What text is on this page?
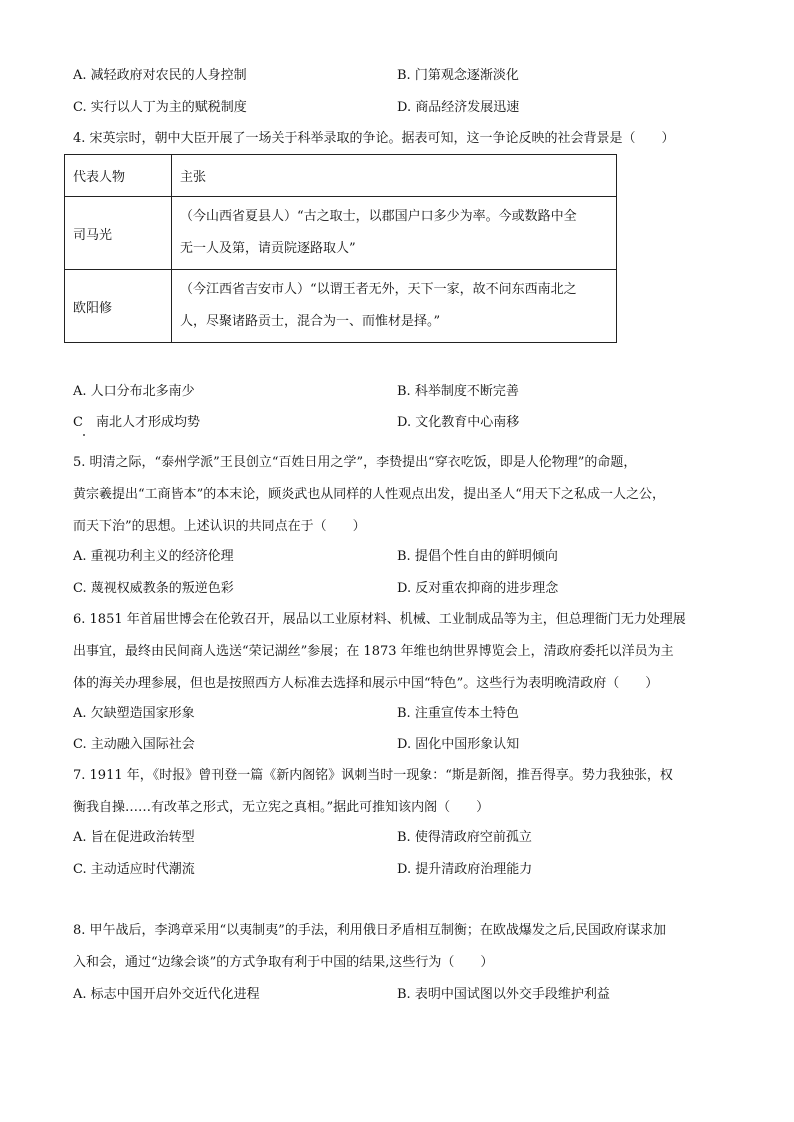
A. 减轻政府对农民的人身控制	B. 门第观念逐渐淡化
C. 实行以人丁为主的赋税制度	D. 商品经济发展迅速
4. 宋英宗时，朝中大臣开展了一场关于科举录取的争论。据表可知，这一争论反映的社会背景是（　　）
代表人物	主张
司马光	（今山西省夏县人）“古之取士，以郡国户口多少为率。今或数路中全
无一人及第，请贡院逐路取人”

欧阳修	（今江西省吉安市人）“以谓王者无外，天下一家，故不问东西南北之
人，尽聚诸路贡士，混合为一、而惟材是择。”
A. 人口分布北多南少	B. 科举制度不断完善
C　南北人才形成均势	D. 文化教育中心南移
5. 明清之际，“泰州学派”王艮创立“百姓日用之学”，李贽提出“穿衣吃饭，即是人伦物理”的命题，
黄宗羲提出“工商皆本”的本末论，顾炎武也从同样的人性观点出发，提出圣人“用天下之私成一人之公，
而天下治”的思想。上述认识的共同点在于（　　）
A. 重视功利主义的经济伦理	B. 提倡个性自由的鲜明倾向
C. 蔑视权威教条的叛逆色彩	D. 反对重农抑商的进步理念
6. 1851 年首届世博会在伦敦召开，展品以工业原材料、机械、工业制成品等为主，但总理衙门无力处理展
出事宜，最终由民间商人选送“荣记湖丝”参展；在 1873 年维也纳世界博览会上，清政府委托以洋员为主
体的海关办理参展，但也是按照西方人标准去选择和展示中国“特色”。这些行为表明晚清政府（　　）
A. 欠缺塑造国家形象	B. 注重宣传本土特色
C. 主动融入国际社会	D. 固化中国形象认知
7. 1911 年，《时报》曾刊登一篇《新内阁铭》讽刺当时一现象：“斯是新阁，推吾得享。势力我独张，权
衡我自操……有改革之形式，无立宪之真相。”据此可推知该内阁（　　）
A. 旨在促进政治转型	B. 使得清政府空前孤立
C. 主动适应时代潮流	D. 提升清政府治理能力
8. 甲午战后，李鸿章采用“以夷制夷”的手法，利用俄日矛盾相互制衡；在欧战爆发之后,民国政府谋求加
入和会，通过“边缘会谈”的方式争取有利于中国的结果,这些行为（　　）
A. 标志中国开启外交近代化进程	B. 表明中国试图以外交手段维护利益
